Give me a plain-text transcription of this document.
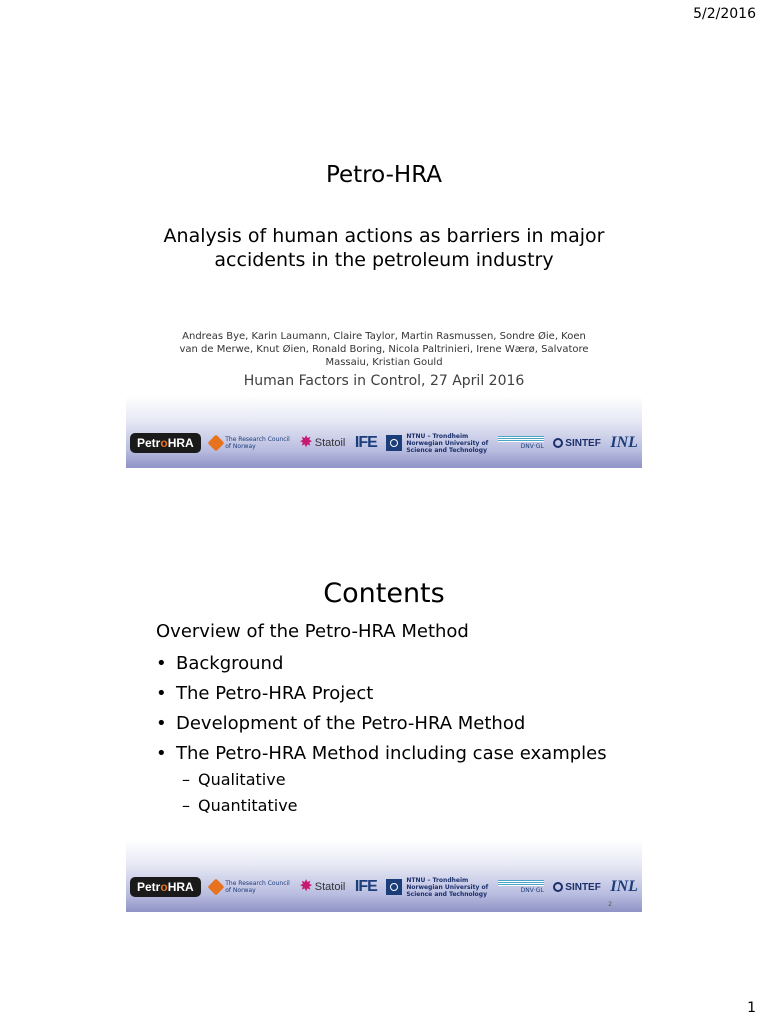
5/2/2016
Petro-HRA
Analysis of human actions as barriers in major accidents in the petroleum industry
Andreas Bye, Karin Laumann, Claire Taylor, Martin Rasmussen, Sondre Øie, Koen van de Merwe, Knut Øien, Ronald Boring, Nicola Paltrinieri, Irene Wærø, Salvatore Massaiu, Kristian Gould
Human Factors in Control, 27 April 2016
PetroHRA	The Research Council
of Norway	✸ Statoil IFE	NTNU – Trondheim
Norwegian University of
Science and Technology	DNV·GL SINTEF INL
Contents
Overview of the Petro-HRA Method
• Background
• The Petro-HRA Project
• Development of the Petro-HRA Method
• The Petro-HRA Method including case examples
– Qualitative
– Quantitative
PetroHRA	The Research Council
of Norway	✸ Statoil IFE	NTNU – Trondheim
Norwegian University of
Science and Technology	DNV·GL SINTEF INL
2
1
